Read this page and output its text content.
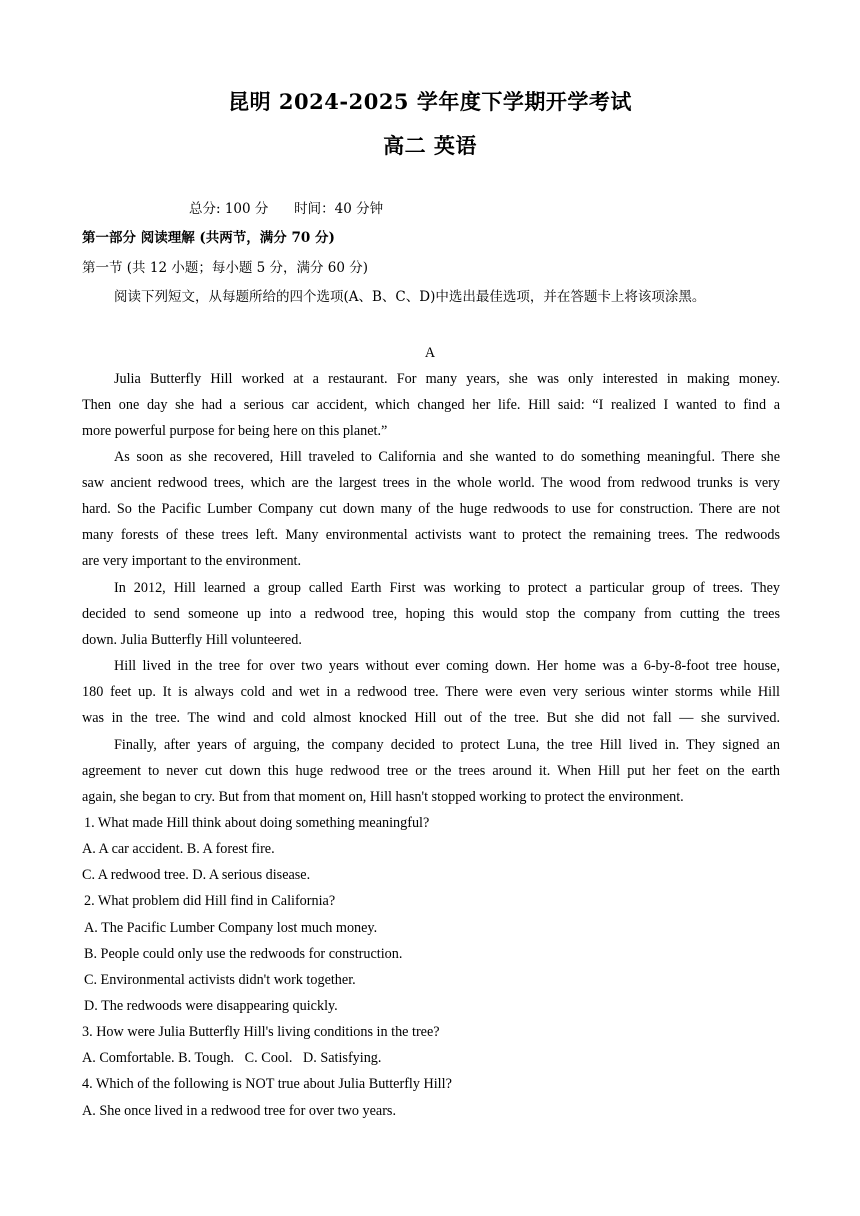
昆明 2024-2025 学年度下学期开学考试
高二 英语
总分: 100 分      时间：40 分钟
第一部分 阅读理解 (共两节，满分 70 分)
第一节 (共 12 小题；每小题 5 分，满分 60 分)
阅读下列短文，从每题所给的四个选项(A、B、C、D)中选出最佳选项，并在答题卡上将该项涂黑。
A
Julia Butterfly Hill worked at a restaurant. For many years, she was only interested in making money.
Then one day she had a serious car accident, which changed her life. Hill said: “I realized I wanted to find a
more powerful purpose for being here on this planet.”
As soon as she recovered, Hill traveled to California and she wanted to do something meaningful. There she
saw ancient redwood trees, which are the largest trees in the whole world. The wood from redwood trunks is very
hard. So the Pacific Lumber Company cut down many of the huge redwoods to use for construction. There are not
many forests of these trees left. Many environmental activists want to protect the remaining trees. The redwoods
are very important to the environment.
In 2012, Hill learned a group called Earth First was working to protect a particular group of trees. They
decided to send someone up into a redwood tree, hoping this would stop the company from cutting the trees
down. Julia Butterfly Hill volunteered.
Hill lived in the tree for over two years without ever coming down. Her home was a 6-by-8-foot tree house,
180 feet up. It is always cold and wet in a redwood tree. There were even very serious winter storms while Hill
was in the tree. The wind and cold almost knocked Hill out of the tree. But she did not fall — she survived.
Finally, after years of arguing, the company decided to protect Luna, the tree Hill lived in. They signed an
agreement to never cut down this huge redwood tree or the trees around it. When Hill put her feet on the earth
again, she began to cry. But from that moment on, Hill hasn't stopped working to protect the environment.
1. What made Hill think about doing something meaningful?
A. A car accident. B. A forest fire.
C. A redwood tree. D. A serious disease.
2. What problem did Hill find in California?
A. The Pacific Lumber Company lost much money.
B. People could only use the redwoods for construction.
C. Environmental activists didn't work together.
D. The redwoods were disappearing quickly.
3. How were Julia Butterfly Hill's living conditions in the tree?
A. Comfortable. B. Tough.   C. Cool.   D. Satisfying.
4. Which of the following is NOT true about Julia Butterfly Hill?
A. She once lived in a redwood tree for over two years.
